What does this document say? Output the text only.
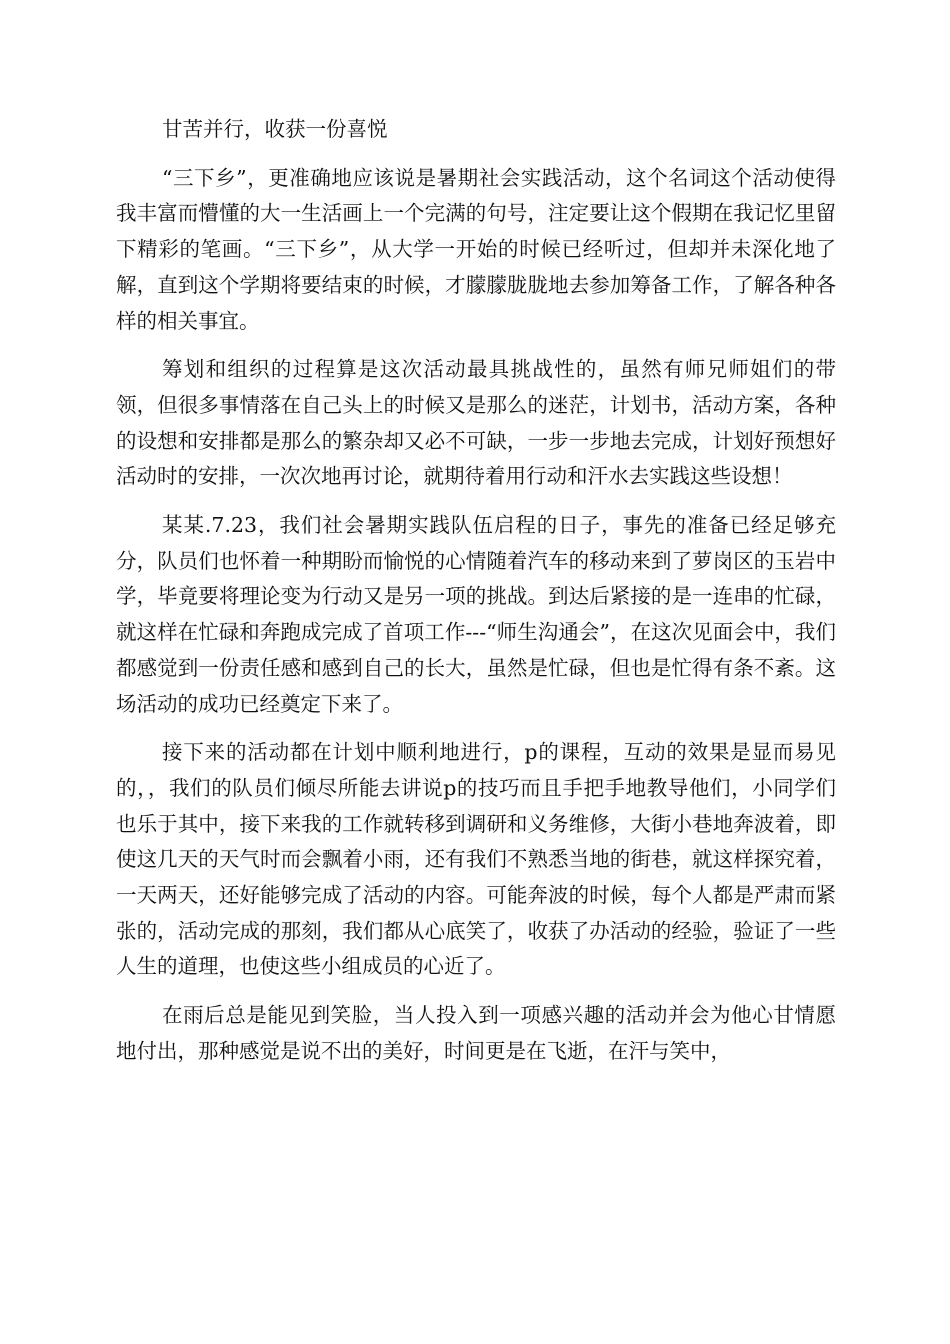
甘苦并行，收获一份喜悦

“三下乡”，更准确地应该说是暑期社会实践活动，这个名词这个活动使得我丰富而懵懂的大一生活画上一个完满的句号，注定要让这个假期在我记忆里留下精彩的笔画。“三下乡”，从大学一开始的时候已经听过，但却并未深化地了解，直到这个学期将要结束的时候，才朦朦胧胧地去参加筹备工作，了解各种各样的相关事宜。

筹划和组织的过程算是这次活动最具挑战性的，虽然有师兄师姐们的带领，但很多事情落在自己头上的时候又是那么的迷茫，计划书，活动方案，各种的设想和安排都是那么的繁杂却又必不可缺，一步一步地去完成，计划好预想好活动时的安排，一次次地再讨论，就期待着用行动和汗水去实践这些设想！

某某.7.23，我们社会暑期实践队伍启程的日子，事先的准备已经足够充分，队员们也怀着一种期盼而愉悦的心情随着汽车的移动来到了萝岗区的玉岩中学，毕竟要将理论变为行动又是另一项的挑战。到达后紧接的是一连串的忙碌，就这样在忙碌和奔跑成完成了首项工作---“师生沟通会”，在这次见面会中，我们都感觉到一份责任感和感到自己的长大，虽然是忙碌，但也是忙得有条不紊。这场活动的成功已经奠定下来了。

接下来的活动都在计划中顺利地进行，p的课程，互动的效果是显而易见的，，我们的队员们倾尽所能去讲说p的技巧而且手把手地教导他们，小同学们也乐于其中，接下来我的工作就转移到调研和义务维修，大街小巷地奔波着，即使这几天的天气时而会飘着小雨，还有我们不熟悉当地的街巷，就这样探究着，一天两天，还好能够完成了活动的内容。可能奔波的时候，每个人都是严肃而紧张的，活动完成的那刻，我们都从心底笑了，收获了办活动的经验，验证了一些人生的道理，也使这些小组成员的心近了。

在雨后总是能见到笑脸，当人投入到一项感兴趣的活动并会为他心甘情愿地付出，那种感觉是说不出的美好，时间更是在飞逝，在汗与笑中，
